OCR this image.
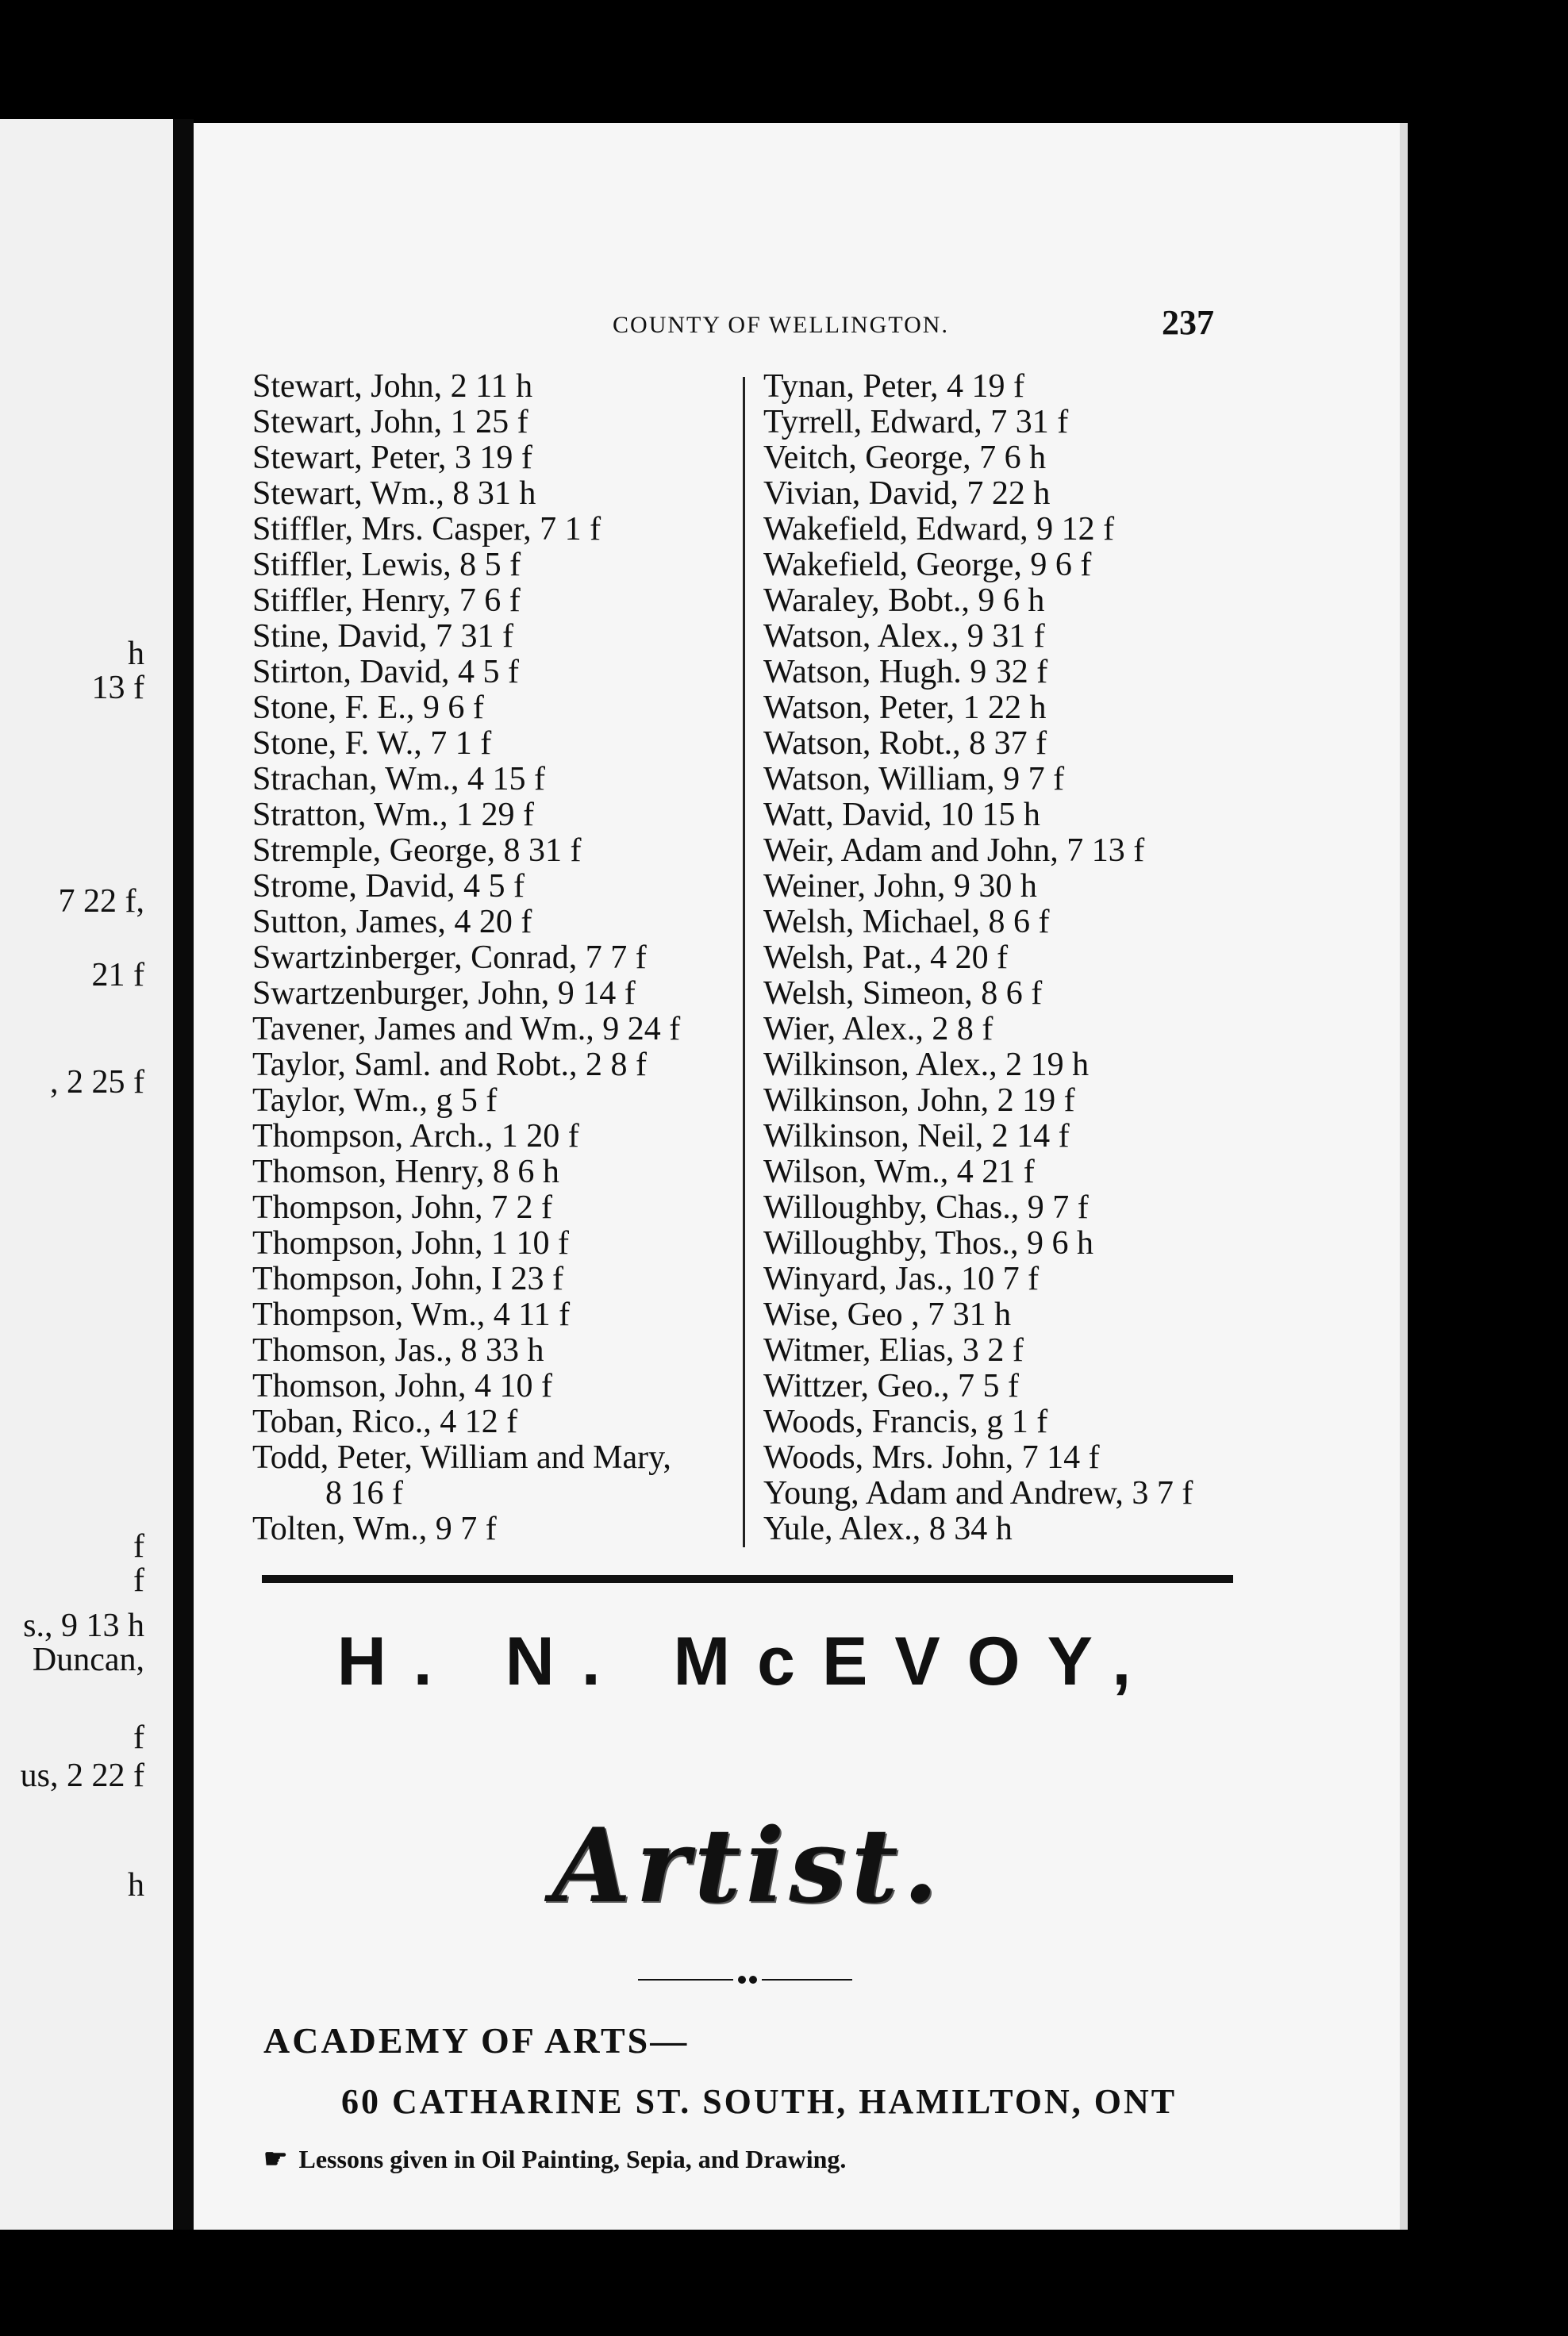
h
13 f
7 22 f,
21 f
, 2 25 f
f
f
s., 9 13 h
Duncan,
f
us, 2 22 f
h
COUNTY OF WELLINGTON.	237
Stewart, John, 2 11 h
Stewart, John, 1 25 f
Stewart, Peter, 3 19 f
Stewart, Wm., 8 31 h
Stiffler, Mrs. Casper, 7 1 f
Stiffler, Lewis, 8 5 f
Stiffler, Henry, 7 6 f
Stine, David, 7 31 f
Stirton, David, 4 5 f
Stone, F. E., 9 6 f
Stone, F. W., 7 1 f
Strachan, Wm., 4 15 f
Stratton, Wm., 1 29 f
Stremple, George, 8 31 f
Strome, David, 4 5 f
Sutton, James, 4 20 f
Swartzinberger, Conrad, 7 7 f
Swartzenburger, John, 9 14 f
Tavener, James and Wm., 9 24 f
Taylor, Saml. and Robt., 2 8 f
Taylor, Wm., g 5 f
Thompson, Arch., 1 20 f
Thomson, Henry, 8 6 h
Thompson, John, 7 2 f
Thompson, John, 1 10 f
Thompson, John, I 23 f
Thompson, Wm., 4 11 f
Thomson, Jas., 8 33 h
Thomson, John, 4 10 f
Toban, Rico., 4 12 f
Todd, Peter, William and Mary,
8 16 f
Tolten, Wm., 9 7 f
Tynan, Peter, 4 19 f
Tyrrell, Edward, 7 31 f
Veitch, George, 7 6 h
Vivian, David, 7 22 h
Wakefield, Edward, 9 12 f
Wakefield, George, 9 6 f
Waraley, Bobt., 9 6 h
Watson, Alex., 9 31 f
Watson, Hugh. 9 32 f
Watson, Peter, 1 22 h
Watson, Robt., 8 37 f
Watson, William, 9 7 f
Watt, David, 10 15 h
Weir, Adam and John, 7 13 f
Weiner, John, 9 30 h
Welsh, Michael, 8 6 f
Welsh, Pat., 4 20 f
Welsh, Simeon, 8 6 f
Wier, Alex., 2 8 f
Wilkinson, Alex., 2 19 h
Wilkinson, John, 2 19 f
Wilkinson, Neil, 2 14 f
Wilson, Wm., 4 21 f
Willoughby, Chas., 9 7 f
Willoughby, Thos., 9 6 h
Winyard, Jas., 10 7 f
Wise, Geo , 7 31 h
Witmer, Elias, 3 2 f
Wittzer, Geo., 7 5 f
Woods, Francis, g 1 f
Woods, Mrs. John, 7 14 f
Young, Adam and Andrew, 3 7 f
Yule, Alex., 8 34 h
H. N. McEVOY,
Artist.
ACADEMY OF ARTS—
60 CATHARINE ST. SOUTH, HAMILTON, ONT
☛ Lessons given in Oil Painting, Sepia, and Drawing.
